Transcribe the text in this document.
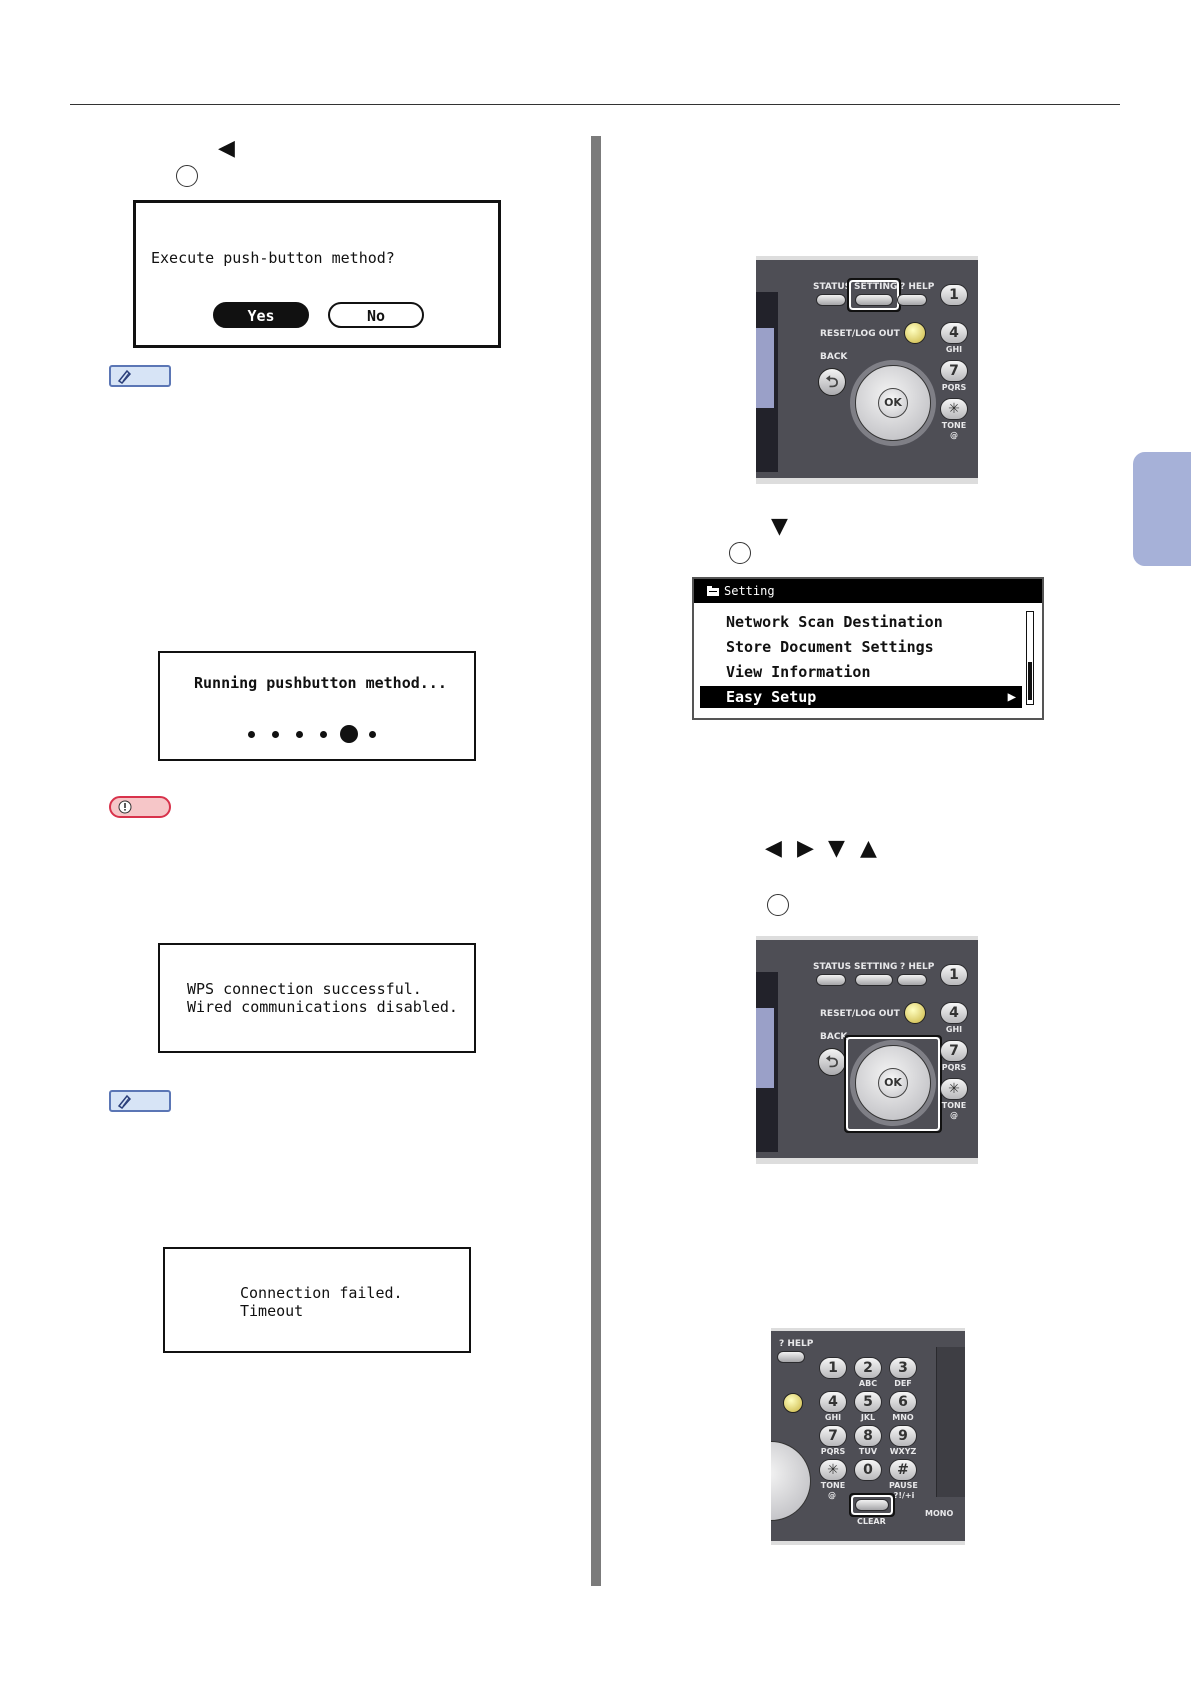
◀
Execute push-button method?
Yes	No
Running pushbutton method...
WPS connection successful.
Wired communications disabled.
Connection failed.
Timeout
STATUS SETTING ? HELP
RESET/LOG OUT
BACK
⮌
OK
1
4
GHI
7
PQRS
✳
TONE
@
▼
Setting
Network Scan Destination
Store Document Settings
View Information
Easy Setup	▶
◀ ▶ ▼ ▲
STATUS SETTING ? HELP
RESET/LOG OUT
BACK
⮌
OK
1
4
GHI
7
PQRS
✳
TONE
@
? HELP
1	2
ABC
3
DEF
4
GHI
5
JKL
6
MNO
7
PQRS
8
TUV
9
WXYZ
✳
TONE
0	#
PAUSE
@	?!/+i
CLEAR
MONO
